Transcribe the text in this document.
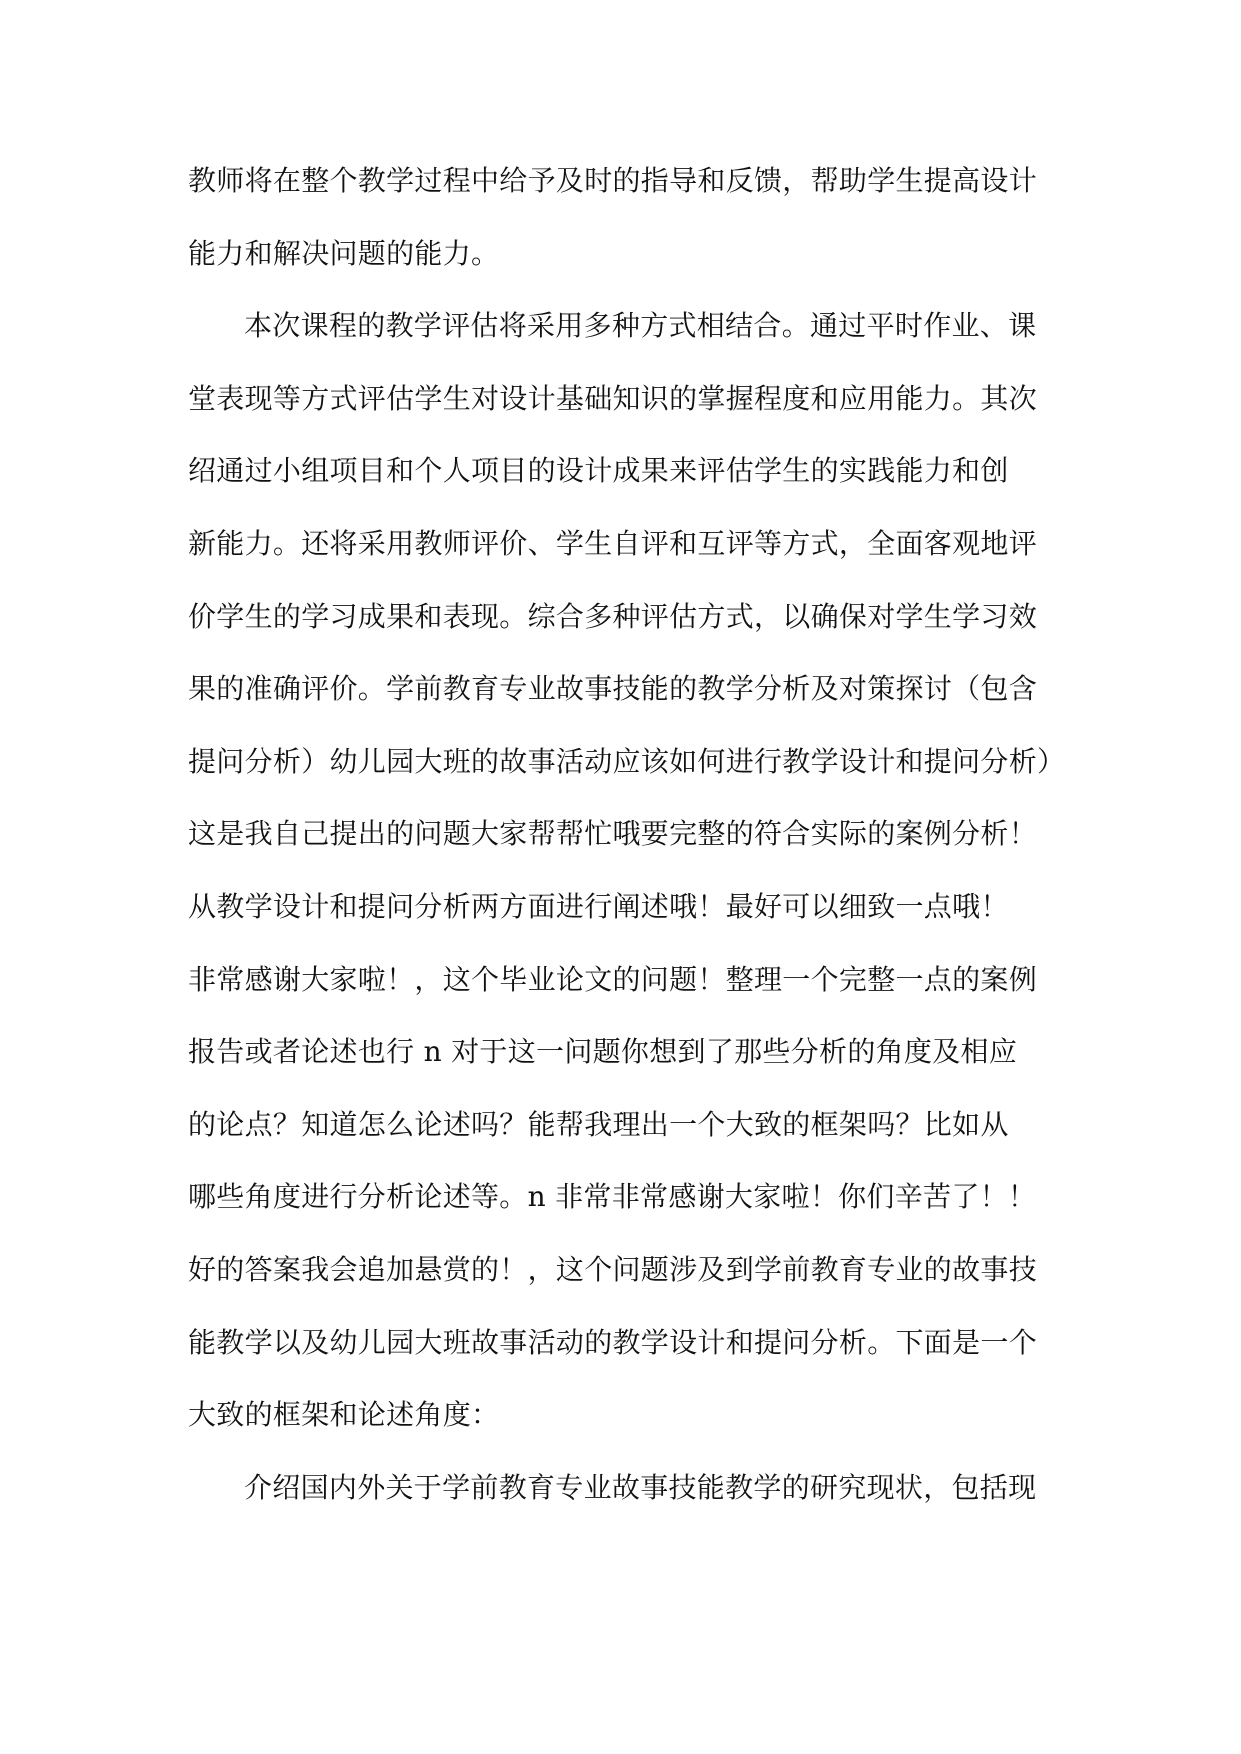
教师将在整个教学过程中给予及时的指导和反馈，帮助学生提高设计
能力和解决问题的能力。
本次课程的教学评估将采用多种方式相结合。通过平时作业、课
堂表现等方式评估学生对设计基础知识的掌握程度和应用能力。其次
绍通过小组项目和个人项目的设计成果来评估学生的实践能力和创
新能力。还将采用教师评价、学生自评和互评等方式，全面客观地评
价学生的学习成果和表现。综合多种评估方式，以确保对学生学习效
果的准确评价。学前教育专业故事技能的教学分析及对策探讨（包含
提问分析）幼儿园大班的故事活动应该如何进行教学设计和提问分析）
这是我自己提出的问题大家帮帮忙哦要完整的符合实际的案例分析！
从教学设计和提问分析两方面进行阐述哦！最好可以细致一点哦！
非常感谢大家啦！，这个毕业论文的问题！整理一个完整一点的案例
报告或者论述也行 n 对于这一问题你想到了那些分析的角度及相应
的论点？知道怎么论述吗？能帮我理出一个大致的框架吗？比如从
哪些角度进行分析论述等。n 非常非常感谢大家啦！你们辛苦了！！
好的答案我会追加悬赏的！，这个问题涉及到学前教育专业的故事技
能教学以及幼儿园大班故事活动的教学设计和提问分析。下面是一个
大致的框架和论述角度：
介绍国内外关于学前教育专业故事技能教学的研究现状，包括现
